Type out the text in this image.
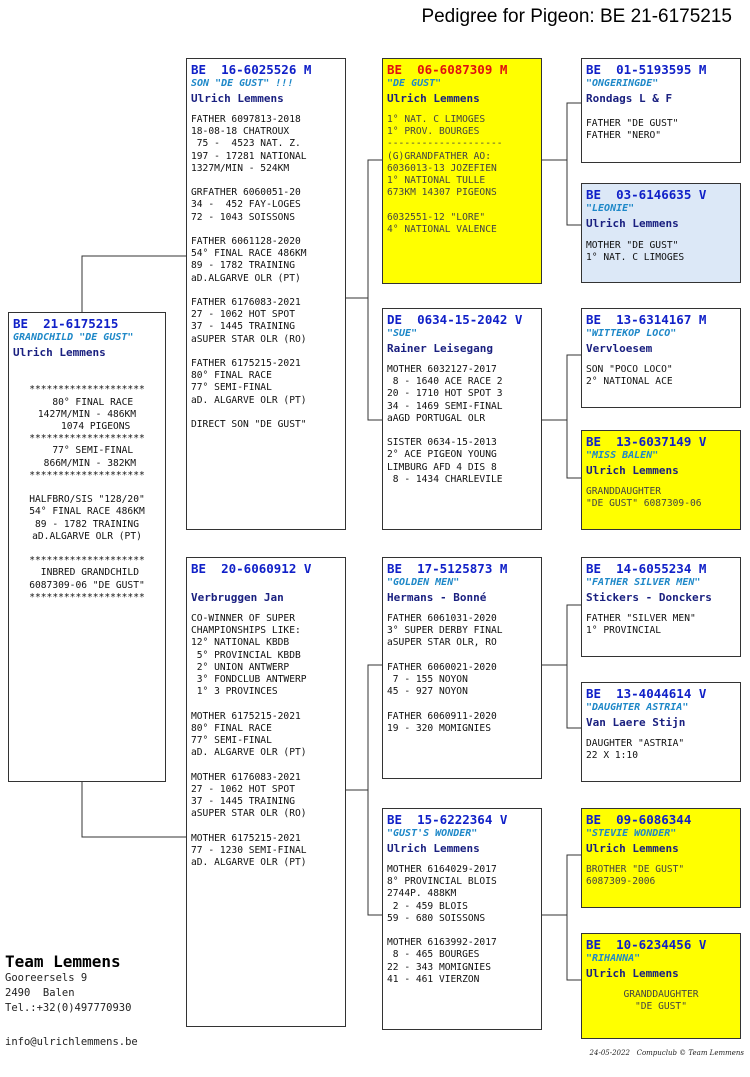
Pedigree for Pigeon: BE 21-6175215
BE  21-6175215
GRANDCHILD "DE GUST"
Ulrich Lemmens

********************
80° FINAL RACE
1427M/MIN - 486KM
1074 PIGEONS
********************
77° SEMI-FINAL
866M/MIN - 382KM
********************

HALFBRO/SIS "128/20"
54° FINAL RACE 486KM
89 - 1782 TRAINING
aD.ALGARVE OLR (PT)

********************
INBRED GRANDCHILD
6087309-06 "DE GUST"
********************
BE  16-6025526 M
SON "DE GUST" !!!
Ulrich Lemmens
FATHER 6097813-2018
18-08-18 CHATROUX
75 -  4523 NAT. Z.
197 - 17281 NATIONAL
1327M/MIN - 524KM

GRFATHER 6060051-20
34 -  452 FAY-LOGES
72 - 1043 SOISSONS

FATHER 6061128-2020
54° FINAL RACE 486KM
89 - 1782 TRAINING
aD.ALGARVE OLR (PT)

FATHER 6176083-2021
27 - 1062 HOT SPOT
37 - 1445 TRAINING
aSUPER STAR OLR (RO)

FATHER 6175215-2021
80° FINAL RACE
77° SEMI-FINAL
aD. ALGARVE OLR (PT)

DIRECT SON "DE GUST"
BE  20-6060912 V
Verbruggen Jan
CO-WINNER OF SUPER
CHAMPIONSHIPS LIKE:
12° NATIONAL KBDB
5° PROVINCIAL KBDB
2° UNION ANTWERP
3° FONDCLUB ANTWERP
1° 3 PROVINCES

MOTHER 6175215-2021
80° FINAL RACE
77° SEMI-FINAL
aD. ALGARVE OLR (PT)

MOTHER 6176083-2021
27 - 1062 HOT SPOT
37 - 1445 TRAINING
aSUPER STAR OLR (RO)

MOTHER 6175215-2021
77 - 1230 SEMI-FINAL
aD. ALGARVE OLR (PT)
BE  06-6087309 M
"DE GUST"
Ulrich Lemmens
1° NAT. C LIMOGES
1° PROV. BOURGES
--------------------
(G)GRANDFATHER AO:
6036013-13 JOZEFIEN
1° NATIONAL TULLE
673KM 14307 PIGEONS

6032551-12 "LORE"
4° NATIONAL VALENCE
DE  0634-15-2042 V
"SUE"
Rainer Leisegang
MOTHER 6032127-2017
8 - 1640 ACE RACE 2
20 - 1710 HOT SPOT 3
34 - 1469 SEMI-FINAL
aAGD PORTUGAL OLR

SISTER 0634-15-2013
2° ACE PIGEON YOUNG
LIMBURG AFD 4 DIS 8
8 - 1434 CHARLEVILE
BE  17-5125873 M
"GOLDEN MEN"
Hermans - Bonné
FATHER 6061031-2020
3° SUPER DERBY FINAL
aSUPER STAR OLR, RO

FATHER 6060021-2020
7 - 155 NOYON
45 - 927 NOYON

FATHER 6060911-2020
19 - 320 MOMIGNIES
BE  15-6222364 V
"GUST'S WONDER"
Ulrich Lemmens
MOTHER 6164029-2017
8° PROVINCIAL BLOIS
2744P. 488KM
2 - 459 BLOIS
59 - 680 SOISSONS

MOTHER 6163992-2017
8 - 465 BOURGES
22 - 343 MOMIGNIES
41 - 461 VIERZON
BE  01-5193595 M
"ONGERINGDE"
Rondags L & F
FATHER "DE GUST"
FATHER "NERO"
BE  03-6146635 V
"LEONIE"
Ulrich Lemmens
MOTHER "DE GUST"
1° NAT. C LIMOGES
BE  13-6314167 M
"WITTEKOP LOCO"
Vervloesem
SON "POCO LOCO"
2° NATIONAL ACE
BE  13-6037149 V
"MISS BALEN"
Ulrich Lemmens
GRANDDAUGHTER
"DE GUST" 6087309-06
BE  14-6055234 M
"FATHER SILVER MEN"
Stickers - Donckers
FATHER "SILVER MEN"
1° PROVINCIAL
BE  13-4044614 V
"DAUGHTER ASTRIA"
Van Laere Stijn
DAUGHTER "ASTRIA"
22 X 1:10
BE  09-6086344
"STEVIE WONDER"
Ulrich Lemmens
BROTHER "DE GUST"
6087309-2006
BE  10-6234456 V
"RIHANNA"
Ulrich Lemmens
GRANDDAUGHTER
"DE GUST"
Team Lemmens
Gooreersels 9
2490  Balen
Tel.:+32(0)497770930
info@ulrichlemmens.be
24-05-2022   Compuclub © Team Lemmens
